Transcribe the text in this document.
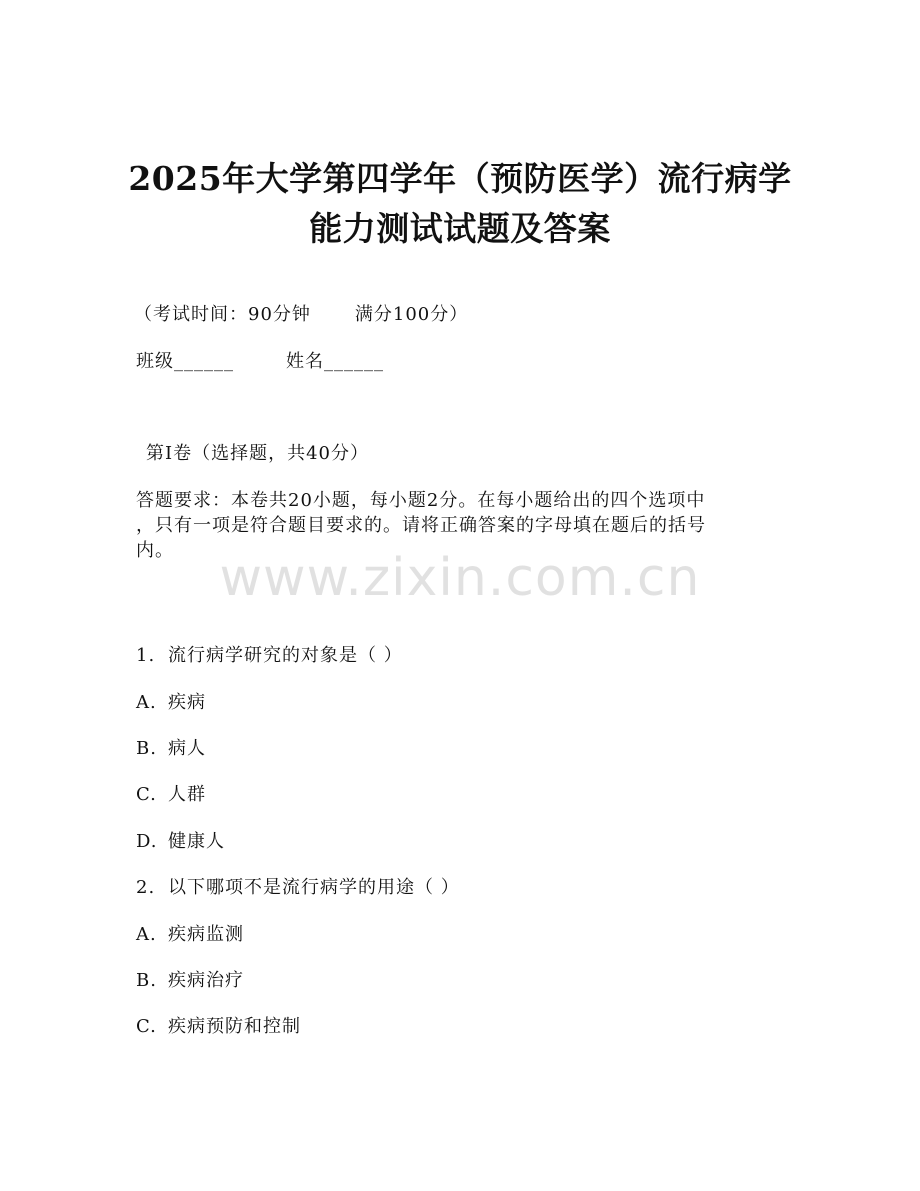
2025年大学第四学年（预防医学）流行病学
能力测试试题及答案
（考试时间：90分钟 满分100分）
班级______	姓名______
第Ⅰ卷（选择题，共40分）
答题要求：本卷共20小题，每小题2分。在每小题给出的四个选项中
，只有一项是符合题目要求的。请将正确答案的字母填在题后的括号
内。 www.zixin.com.cn
1. 流行病学研究的对象是（ ）
A. 疾病
B. 病人
C. 人群
D. 健康人
2. 以下哪项不是流行病学的用途（ ）
A. 疾病监测
B. 疾病治疗
C. 疾病预防和控制
